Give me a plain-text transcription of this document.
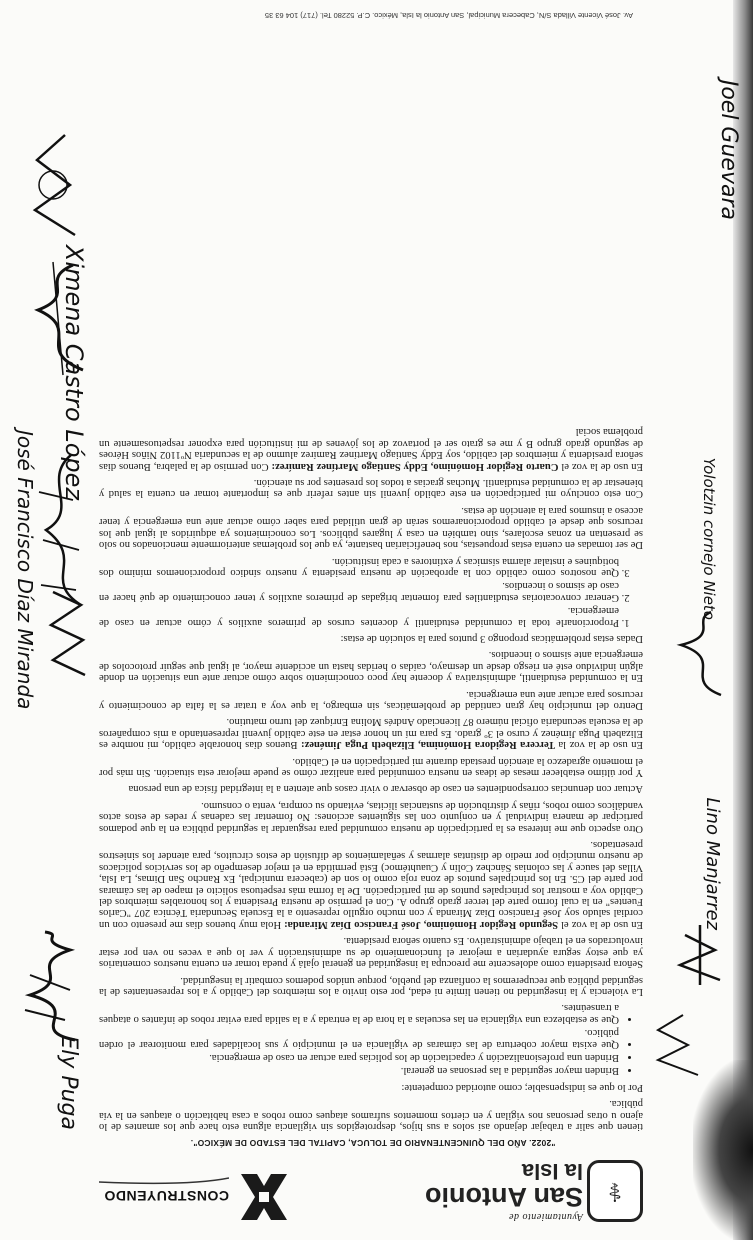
⚕
Ayuntamiento de
San Antonio
la Isla
CONSTRUYENDO
"2022. AÑO DEL QUINCENTENARIO DE TOLUCA, CAPITAL DEL ESTADO DE MÉXICO".

tienen que salir a trabajar dejando así solos a sus hijos, desprotegidos sin vigilancia alguna esto hace que los amantes de lo ajeno u otras personas nos vigilan y en ciertos momentos suframos ataques como robos a casa habitación o ataques en la vía pública.

Por lo que es indispensable; como autoridad competente:

• Brinden mayor seguridad a las personas en general.
• Brinden una profesionalización y capacitación de los policías para actuar en caso de emergencia.
• Que exista mayor cobertura de las cámaras de vigilancia en el municipio y sus localidades para monitorear el orden público.
• Que se establezca una vigilancia en las escuelas a la hora de la entrada y a la salida para evitar robos de infantes o ataques a transeúntes.

La violencia y la inseguridad no tienen límite ni edad, por esto invito a los miembros del Cabildo y a los representantes de la seguridad pública que recuperemos la confianza del pueblo, porque unidos podemos combatir la inseguridad.

Señora presidenta como adolescente me preocupa la inseguridad en general ojalá y pueda tomar en cuenta nuestros comentarios ya que estoy segura ayudarían a mejorar el funcionamiento de su administración y ver lo que a veces no ven por estar involucrados en el trabajo administrativo. Es cuanto señora presidenta.

En uso de la voz el Segundo Regidor Homónimo, José Francisco Díaz Miranda: Hola muy buenos días me presento con un cordial saludo soy José Francisco Díaz Miranda y con mucho orgullo represento a la Escuela Secundaria Técnica 207 "Carlos Fuentes" en la cual formo parte del tercer grado grupo A. Con el permiso de nuestra Presidenta y los honorables miembros del Cabildo voy a mostrar los principales puntos de mi participación. De la forma más respetuosa solicito el mapeo de las cámaras por parte del C5. En los principales puntos de zona roja como lo son de (cabecera municipal, Ex Rancho San Dimas, La Isla, Villas del sauce y las colonias Sánchez Colín y Cuauhtémoc) Está permitida en el mejor desempeño de los servicios policíacos de nuestro municipio por medio de distintas alarmas y señalamientos de difusión de estos circuitos, para atender los siniestros presentados.

Otro aspecto que me interesa es la participación de nuestra comunidad para resguardar la seguridad pública en la que podamos participar de manera individual y en conjunto con las siguientes acciones: No fomentar las cadenas y redes de estos actos vandálicos como robos, riñas y distribución de sustancias ilícitas, evitando su compra, venta o consumo.

Actuar con denuncias correspondientes en caso de observar o vivir casos que atenten a la integridad física de una persona

Y por último establecer mesas de ideas en nuestra comunidad para analizar cómo se puede mejorar esta situación. Sin más por el momento agradezco la atención prestada durante mi participación en el Cabildo.

En uso de la voz la Tercera Regidora Homónima, Elizabeth Puga Jiménez: Buenos días honorable cabildo, mi nombre es Elizabeth Puga Jiménez y curso el 3º grado. Es para mí un honor estar en este cabildo juvenil representando a mis compañeros de la escuela secundaria oficial número 87 licenciado Andrés Molina Enríquez del turno matutino.

Dentro del municipio hay gran cantidad de problemáticas, sin embargo, la que voy a tratar es la falta de conocimiento y recursos para actuar ante una emergencia.

En la comunidad estudiantil, administrativa y docente hay poco conocimiento sobre cómo actuar ante una situación en donde algún individuo esté en riesgo desde un desmayo, caídas o heridas hasta un accidente mayor, al igual que seguir protocolos de emergencia ante sismos o incendios.

Dadas estas problemáticas propongo 3 puntos para la solución de estas:

1. Proporcionarle toda la comunidad estudiantil y docentes cursos de primeros auxilios y cómo actuar en caso de emergencia.
2. Generar convocatorias estudiantiles para fomentar brigadas de primeros auxilios y tener conocimiento de qué hacer en caso de sismos o incendios.
3. Que nosotros como cabildo con la aprobación de nuestra presidenta y nuestro síndico proporcionemos mínimo dos botiquines e instalar alarma sísmicas y extintores a cada institución.

De ser tomadas en cuenta estas propuestas, nos beneficiarían bastante, ya que los problemas anteriormente mencionados no solo se presentan en zonas escolares, sino también en casa y lugares públicos. Los conocimientos ya adquiridos al igual que los recursos que desde el cabildo proporcionaremos serán de gran utilidad para saber cómo actuar ante una emergencia y tener acceso a insumos para la atención de estas.

Con esto concluyo mi participación en este cabildo juvenil sin antes referir que es importante tomar en cuenta la salud y bienestar de la comunidad estudiantil. Muchas gracias a todos los presentes por su atención.

En uso de la voz el Cuarto Regidor Homónimo, Eddy Santiago Martínez Ramírez: Con permiso de la palabra, Buenos días señora presidenta y miembros del cabildo, soy Eddy Santiago Martínez Ramírez alumno de la secundaria Nº1102 Niños Héroes de segundo grado grupo B y me es grato ser el portavoz de los jóvenes de mi institución para exponer respetuosamente un problema social

Av. José Vicente Villada S/N, Cabecera Municipal, San Antonio la Isla, México. C.P. 52280 Tel. (717) 104 63 35
Ely Puga
José Francisco Díaz Miranda
Ximena Castro López
Joel Guevara
Lino Manjarrez
Yolotzin cornejo Nieto
